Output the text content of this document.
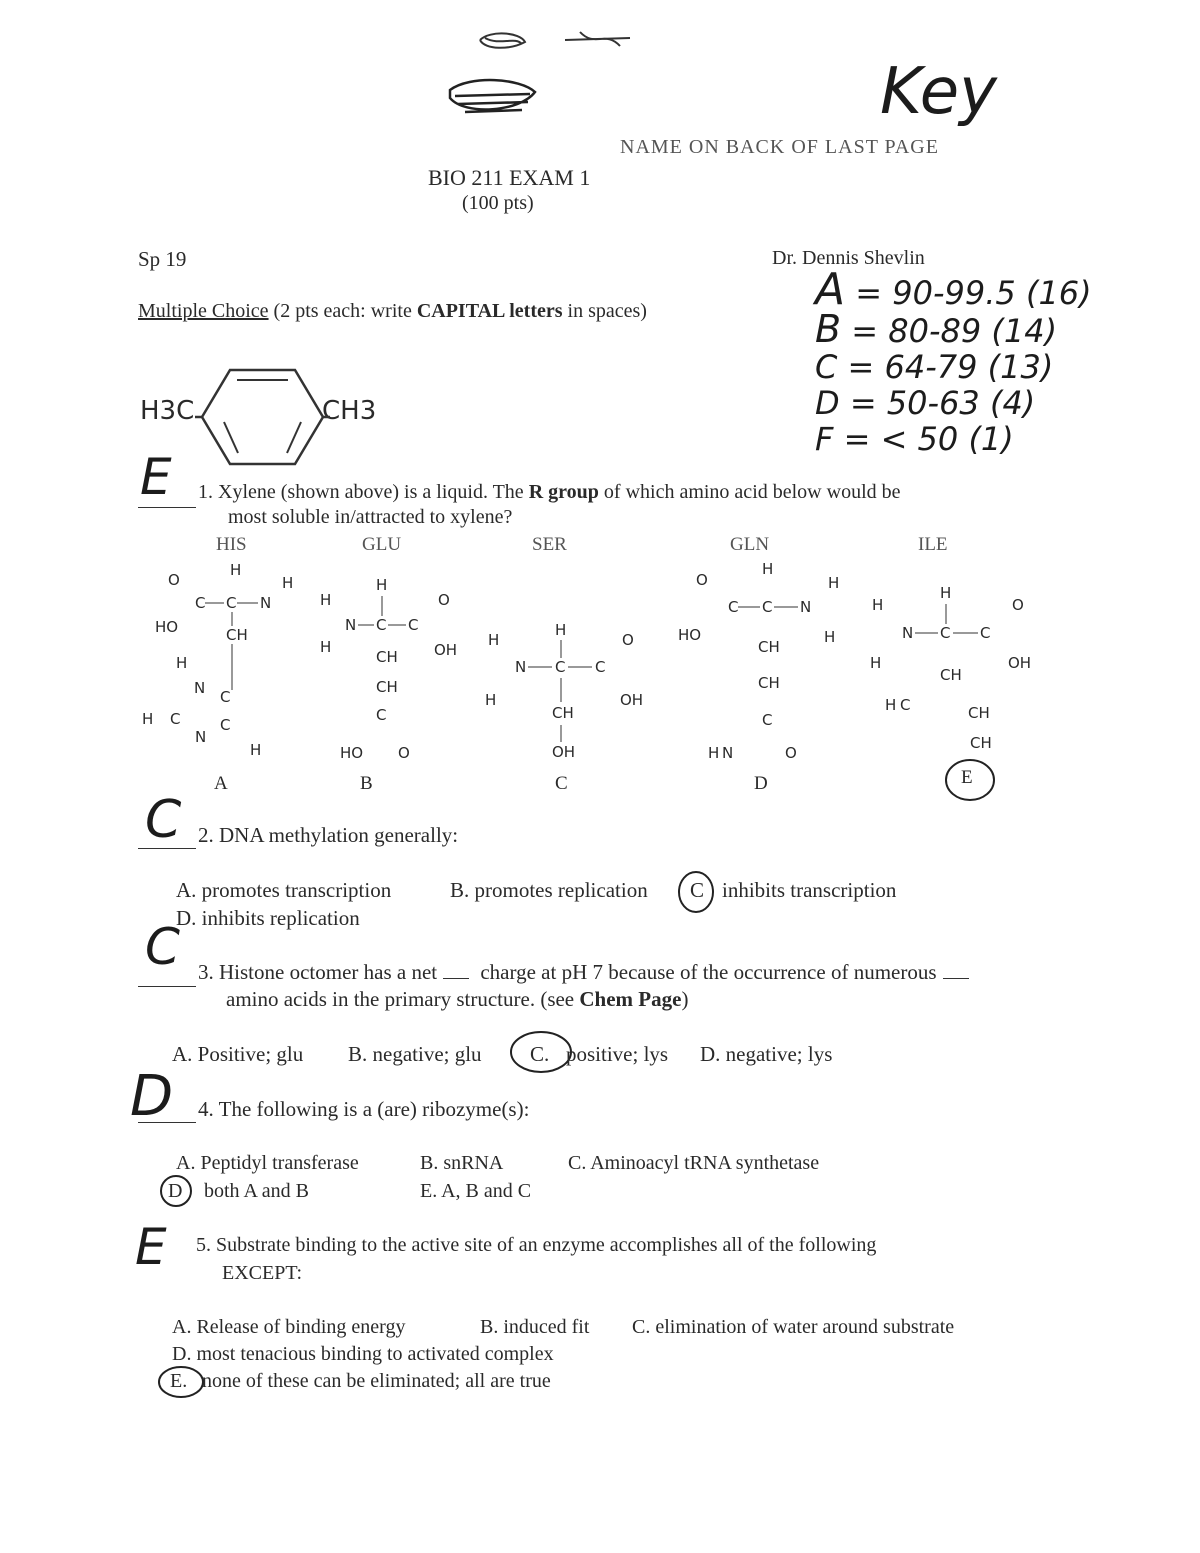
Key
NAME ON BACK OF LAST PAGE
BIO 211 EXAM 1
(100 pts)
Sp 19	Dr. Dennis Shevlin
Multiple Choice (2 pts each: write CAPITAL letters in spaces)	A = 90-99.5 (16)
B = 80-89 (14)
C = 64-79 (13)
D = 50-63 (4)
F = < 50 (1)
H3C	CH3
E 1. Xylene (shown above) is a liquid. The R group of which amino acid below would be
most soluble in/attracted to xylene?
HIS	GLU	SER	GLN	ILE
O
H
H
C C N
HO	CH
H
N C
H C
N
C
H
H
H
N C C
O
H	OH
CH
CH
C
HO O
H
H
O
N C C
H	OH
CH
OH
O
H
H
C C N
HO	H
CH
CH
C
H N	O
H
H	O
N C C
H	OH
CH
H C	CH
CH
A	B	C	D	E
C 2. DNA methylation generally:
A. promotes transcription	B. promotes replication C inhibits transcription
D. inhibits replication
C 3. Histone octomer has a net charge at pH 7 because of the occurrence of numerous
amino acids in the primary structure. (see Chem Page)
A. Positive; glu B. negative; glu C. positive; lys D. negative; lys
D 4. The following is a (are) ribozyme(s):
A. Peptidyl transferase	B. snRNA	C. Aminoacyl tRNA synthetase
D both A and B	E. A, B and C
E 5. Substrate binding to the active site of an enzyme accomplishes all of the following
EXCEPT:
A. Release of binding energy	B. induced fit C. elimination of water around substrate
D. most tenacious binding to activated complex
E. none of these can be eliminated; all are true
